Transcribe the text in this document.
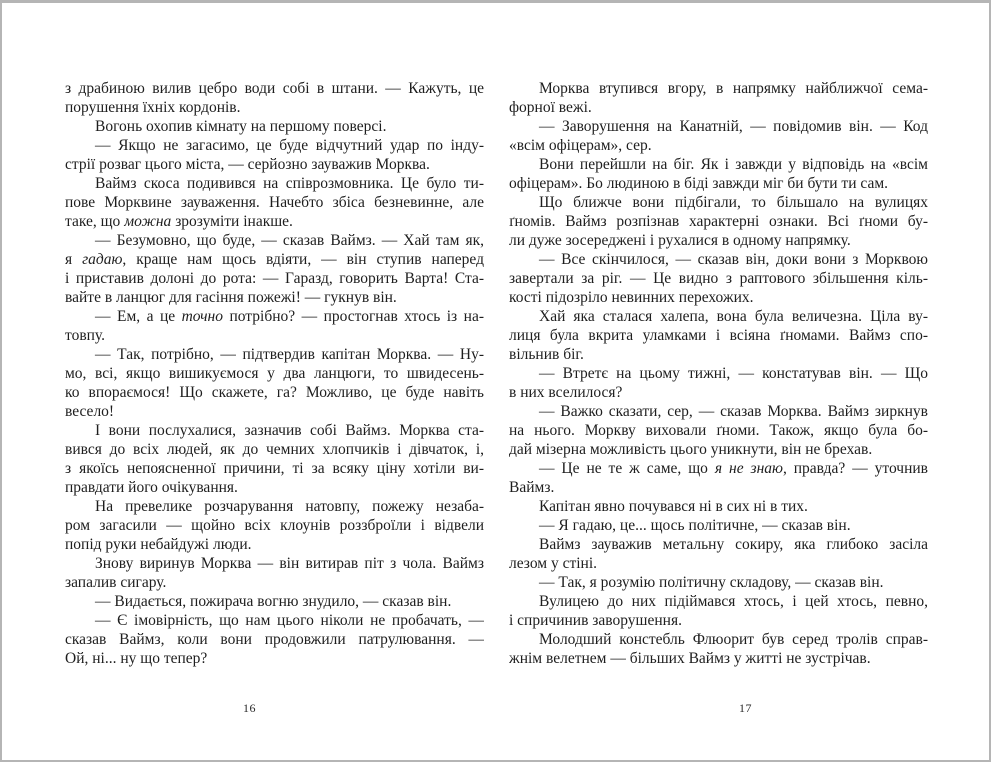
з драбиною вилив цебро води собі в штани. — Кажуть, це
порушення їхніх кордонів.
Вогонь охопив кімнату на першому поверсі.
— Якщо не загасимо, це буде відчутний удар по інду-
стрії розваг цього міста, — серйозно зауважив Морква.
Ваймз скоса подивився на співрозмовника. Це було ти-
пове Морквине зауваження. Начебто збіса безневинне, але
таке, що можна зрозуміти інакше.
— Безумовно, що буде, — сказав Ваймз. — Хай там як,
я гадаю, краще нам щось вдіяти, — він ступив наперед
і приставив долоні до рота: — Гаразд, говорить Варта! Ста-
вайте в ланцюг для гасіння пожежі! — гукнув він.
— Ем, а це точно потрібно? — простогнав хтось із на-
товпу.
— Так, потрібно, — підтвердив капітан Морква. — Ну-
мо, всі, якщо вишикуємося у два ланцюги, то швидесень-
ко впораємося! Що скажете, га? Можливо, це буде навіть
весело!
І вони послухалися, зазначив собі Ваймз. Морква ста-
вився до всіх людей, як до чемних хлопчиків і дівчаток, і,
з якоїсь непоясненної причини, ті за всяку ціну хотіли ви-
правдати його очікування.
На превелике розчарування натовпу, пожежу незаба-
ром загасили — щойно всіх клоунів роззброїли і відвели
попід руки небайдужі люди.
Знову виринув Морква — він витирав піт з чола. Ваймз
запалив сигару.
— Видається, пожирача вогню знудило, — сказав він.
— Є імовірність, що нам цього ніколи не пробачать, —
сказав Ваймз, коли вони продовжили патрулювання. —
Ой, ні... ну що тепер?
Морква втупився вгору, в напрямку найближчої сема-
форної вежі.
— Заворушення на Канатній, — повідомив він. — Код
«всім офіцерам», сер.
Вони перейшли на біг. Як і завжди у відповідь на «всім
офіцерам». Бо людиною в біді завжди міг би бути ти сам.
Що ближче вони підбігали, то більшало на вулицях
ґномів. Ваймз розпізнав характерні ознаки. Всі ґноми бу-
ли дуже зосереджені і рухалися в одному напрямку.
— Все скінчилося, — сказав він, доки вони з Морквою
завертали за ріг. — Це видно з раптового збільшення кіль-
кості підозріло невинних перехожих.
Хай яка сталася халепа, вона була величезна. Ціла ву-
лиця була вкрита уламками і всіяна ґномами. Ваймз спо-
вільнив біг.
— Втретє на цьому тижні, — констатував він. — Що
в них вселилося?
— Важко сказати, сер, — сказав Морква. Ваймз зиркнув
на нього. Моркву виховали ґноми. Також, якщо була бо-
дай мізерна можливість цього уникнути, він не брехав.
— Це не те ж саме, що я не знаю, правда? — уточнив
Ваймз.
Капітан явно почувався ні в сих ні в тих.
— Я гадаю, це... щось політичне, — сказав він.
Ваймз зауважив метальну сокиру, яка глибоко засіла
лезом у стіні.
— Так, я розумію політичну складову, — сказав він.
Вулицею до них підіймався хтось, і цей хтось, певно,
і спричинив заворушення.
Молодший констебль Флюорит був серед тролів справ-
жнім велетнем — більших Ваймз у житті не зустрічав.
16	17
